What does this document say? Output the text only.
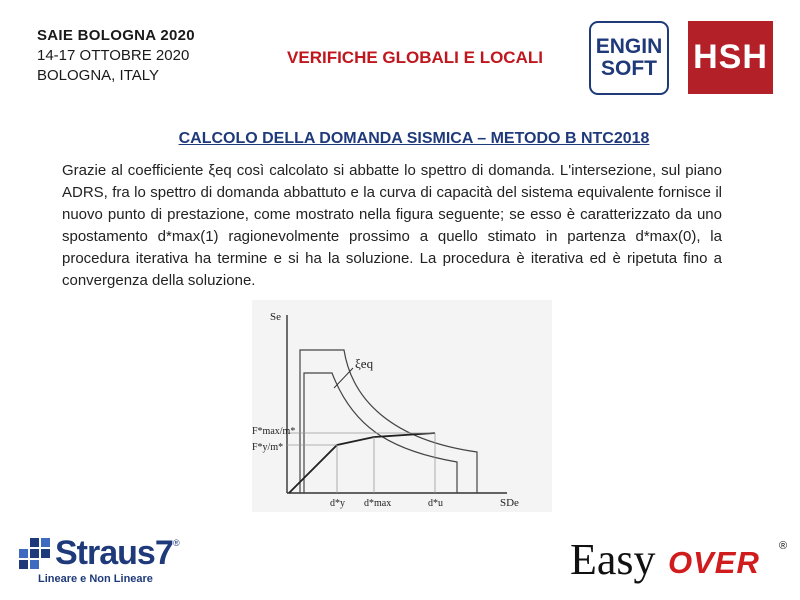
SAIE BOLOGNA 2020
14-17 OTTOBRE 2020
BOLOGNA, ITALY
VERIFICHE GLOBALI E LOCALI	ENGIN
SOFT HSH
CALCOLO DELLA DOMANDA SISMICA – METODO B NTC2018
Grazie al coefficiente ξeq così calcolato si abbatte lo spettro di domanda. L'intersezione, sul piano ADRS, fra lo spettro di domanda abbattuto e la curva di capacità del sistema equivalente fornisce il nuovo punto di prestazione, come mostrato nella figura seguente; se esso è caratterizzato da uno spostamento d*max(1) ragionevolmente prossimo a quello stimato in partenza d*max(0), la procedura iterativa ha termine e si ha la soluzione. La procedura è iterativa ed è ripetuta fino a convergenza della soluzione.
Se
SDe
ξeq
F*max/m*
F*y/m*
d*y d*max	d*u
Straus7 ®
Lineare e Non Lineare	Easy OVER ®
